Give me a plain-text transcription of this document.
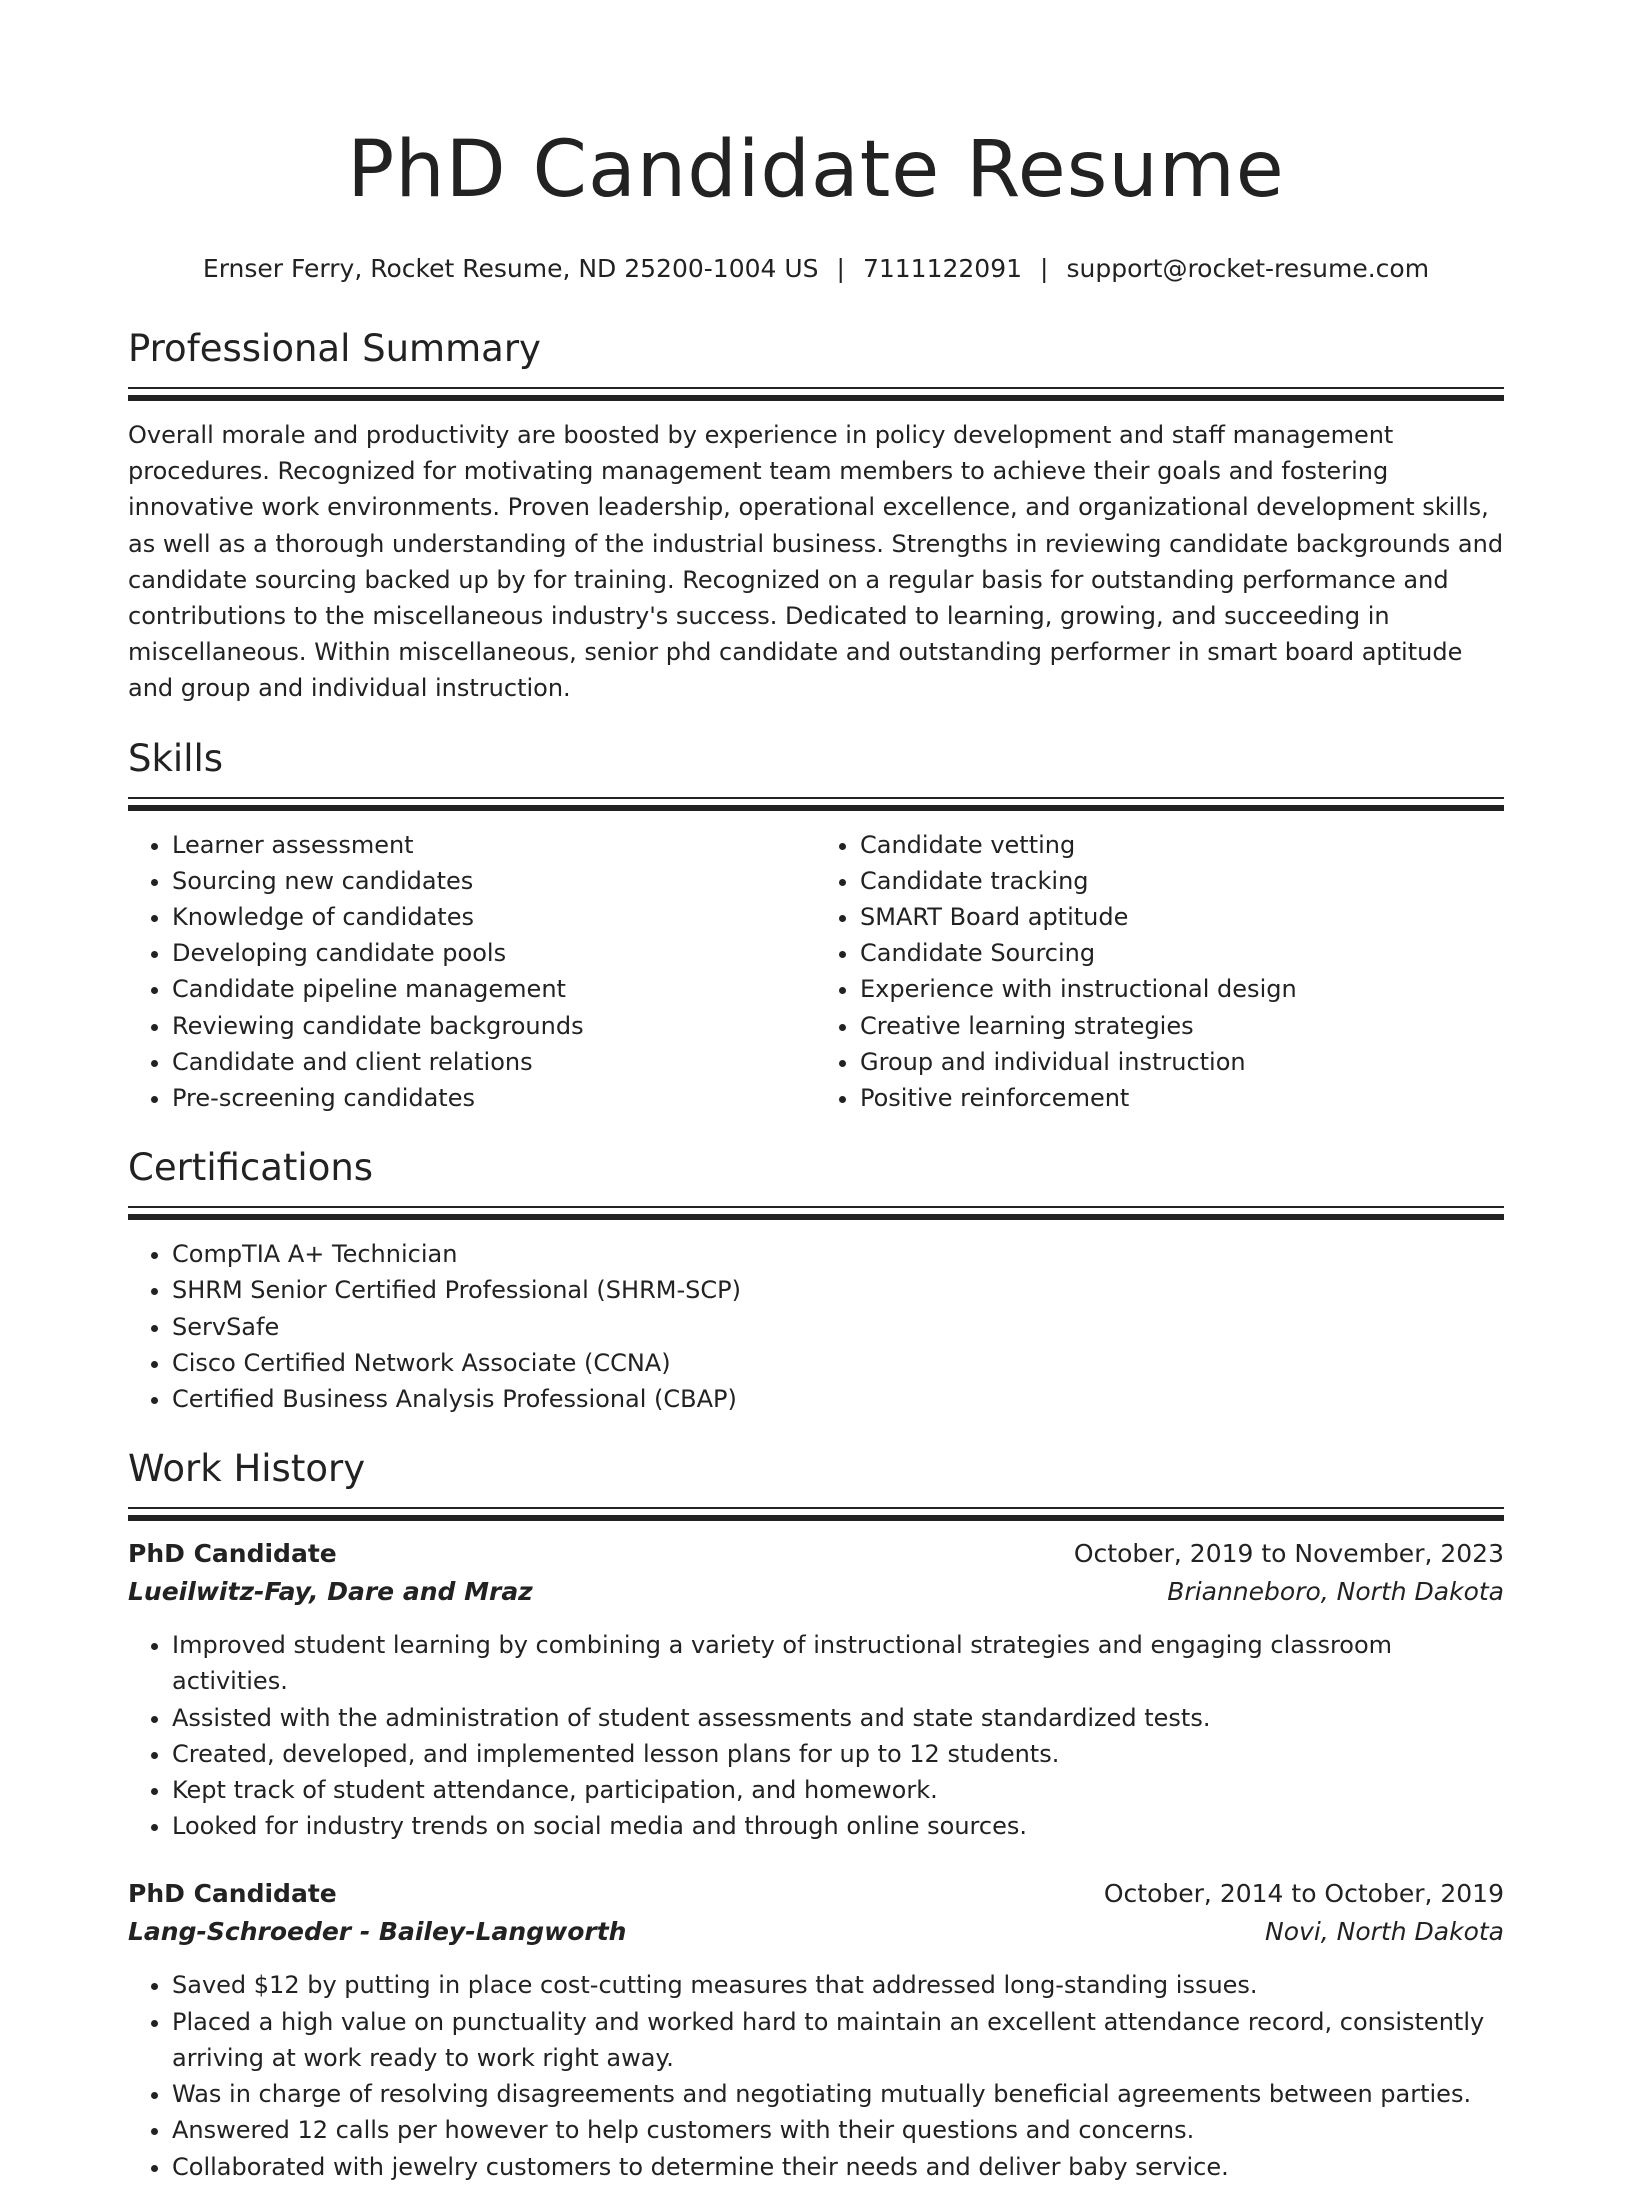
PhD Candidate Resume
Ernser Ferry, Rocket Resume, ND 25200-1004 US | 7111122091 | support@rocket-resume.com
Professional Summary

Overall morale and productivity are boosted by experience in policy development and staff management procedures. Recognized for motivating management team members to achieve their goals and fostering innovative work environments. Proven leadership, operational excellence, and organizational development skills, as well as a thorough understanding of the industrial business. Strengths in reviewing candidate backgrounds and candidate sourcing backed up by for training. Recognized on a regular basis for outstanding performance and contributions to the miscellaneous industry's success. Dedicated to learning, growing, and succeeding in miscellaneous. Within miscellaneous, senior phd candidate and outstanding performer in smart board aptitude and group and individual instruction.

Skills
• Learner assessment
• Sourcing new candidates
• Knowledge of candidates
• Developing candidate pools
• Candidate pipeline management
• Reviewing candidate backgrounds
• Candidate and client relations
• Pre-screening candidates
• Candidate vetting
• Candidate tracking
• SMART Board aptitude
• Candidate Sourcing
• Experience with instructional design
• Creative learning strategies
• Group and individual instruction
• Positive reinforcement
Certifications
• CompTIA A+ Technician
• SHRM Senior Certified Professional (SHRM-SCP)
• ServSafe
• Cisco Certified Network Associate (CCNA)
• Certified Business Analysis Professional (CBAP)
Work History
PhD Candidate	October, 2019 to November, 2023
Lueilwitz-Fay, Dare and Mraz	Brianneboro, North Dakota
• Improved student learning by combining a variety of instructional strategies and engaging classroom activities.
• Assisted with the administration of student assessments and state standardized tests.
• Created, developed, and implemented lesson plans for up to 12 students.
• Kept track of student attendance, participation, and homework.
• Looked for industry trends on social media and through online sources.
PhD Candidate	October, 2014 to October, 2019
Lang-Schroeder - Bailey-Langworth	Novi, North Dakota
• Saved $12 by putting in place cost-cutting measures that addressed long-standing issues.
• Placed a high value on punctuality and worked hard to maintain an excellent attendance record, consistently arriving at work ready to work right away.
• Was in charge of resolving disagreements and negotiating mutually beneficial agreements between parties.
• Answered 12 calls per however to help customers with their questions and concerns.
• Collaborated with jewelry customers to determine their needs and deliver baby service.
